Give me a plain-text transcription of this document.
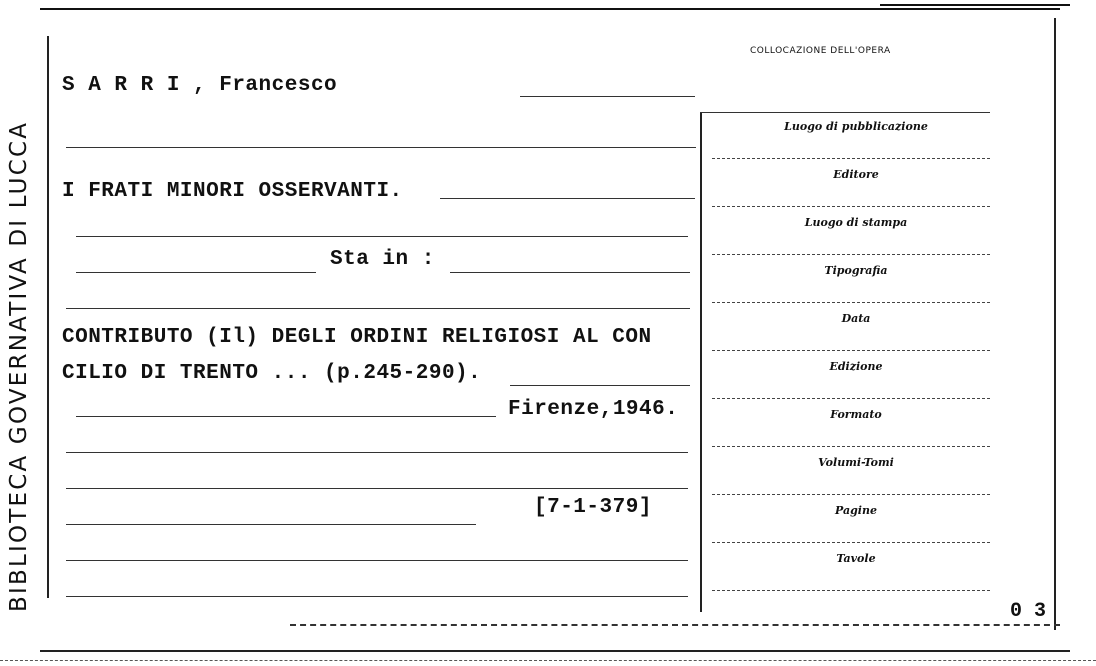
BIBLIOTECA GOVERNATIVA DI LUCCA
S A R R I , Francesco
I FRATI MINORI OSSERVANTI.
Sta in :
CONTRIBUTO (Il) DEGLI ORDINI RELIGIOSI AL CON
CILIO DI TRENTO ... (p.245-290).
Firenze,1946.
[7-1-379]
COLLOCAZIONE DELL'OPERA
Luogo di pubblicazione
Editore
Luogo di stampa
Tipografia
Data
Edizione
Formato
Volumi-Tomi
Pagine
Tavole
0 3
